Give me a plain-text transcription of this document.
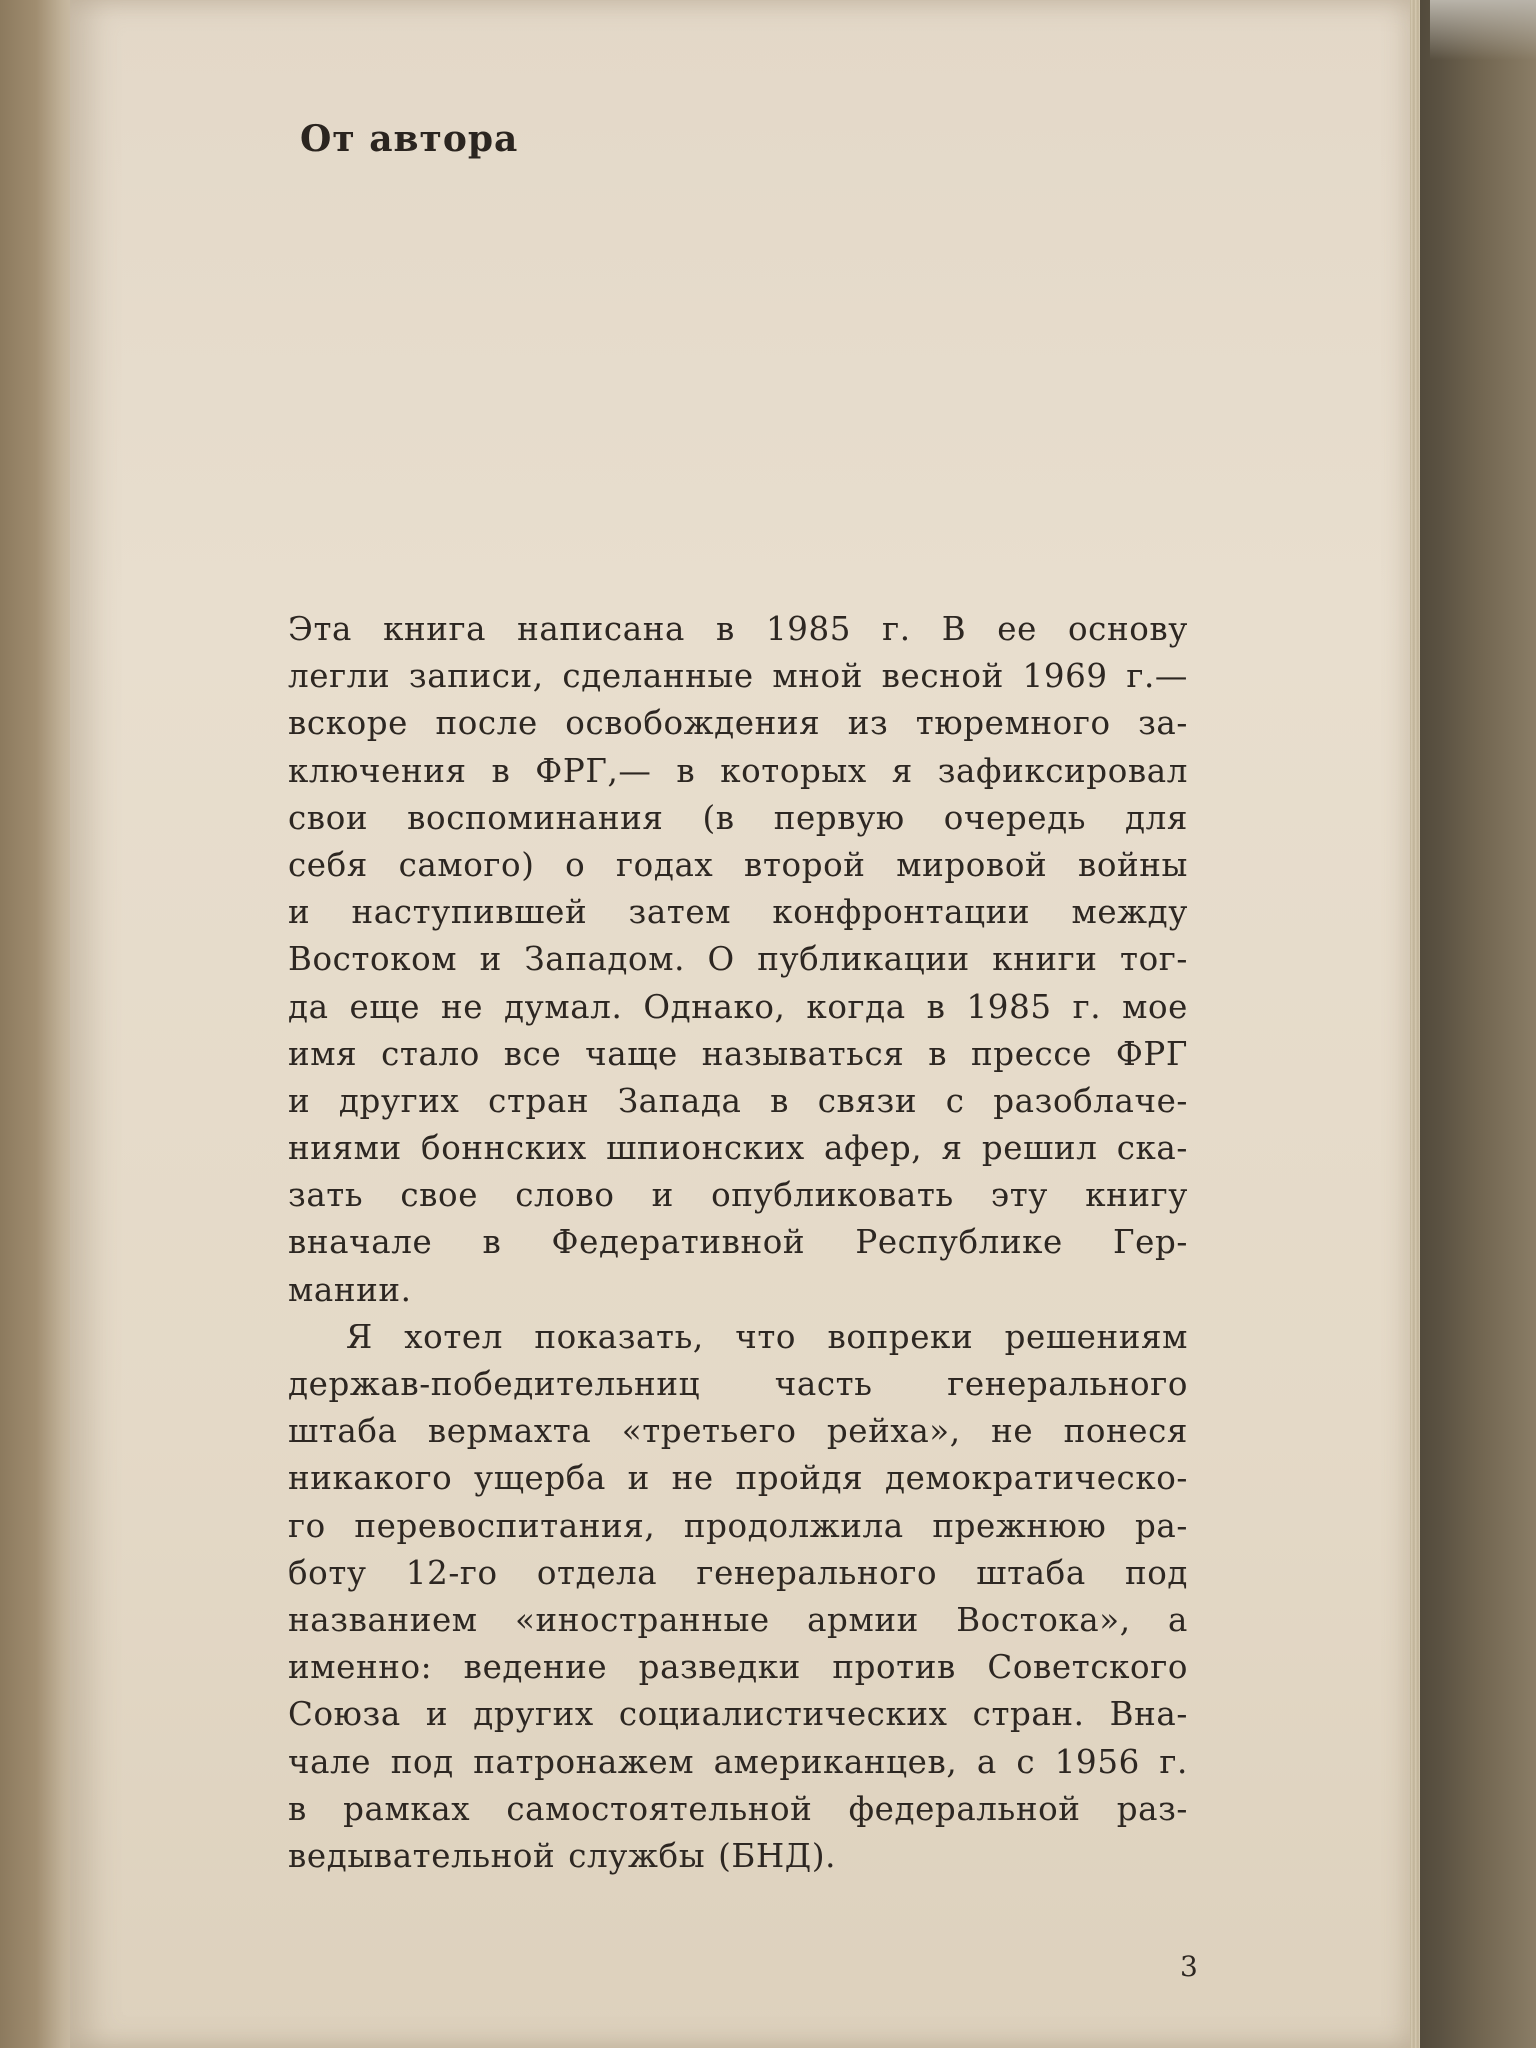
От автора
Эта книга написана в 1985 г. В ее основу
легли записи, сделанные мной весной 1969 г.—
вскоре после освобождения из тюремного за-
ключения в ФРГ,— в которых я зафиксировал
свои воспоминания (в первую очередь для
себя самого) о годах второй мировой войны
и наступившей затем конфронтации между
Востоком и Западом. О публикации книги тог-
да еще не думал. Однако, когда в 1985 г. мое
имя стало все чаще называться в прессе ФРГ
и других стран Запада в связи с разоблаче-
ниями боннских шпионских афер, я решил ска-
зать свое слово и опубликовать эту книгу
вначале в Федеративной Республике Гер-
мании.
Я хотел показать, что вопреки решениям
держав-победительниц часть генерального
штаба вермахта «третьего рейха», не понеся
никакого ущерба и не пройдя демократическо-
го перевоспитания, продолжила прежнюю ра-
боту 12-го отдела генерального штаба под
названием «иностранные армии Востока», а
именно: ведение разведки против Советского
Союза и других социалистических стран. Вна-
чале под патронажем американцев, а с 1956 г.
в рамках самостоятельной федеральной раз-
ведывательной службы (БНД).
3
